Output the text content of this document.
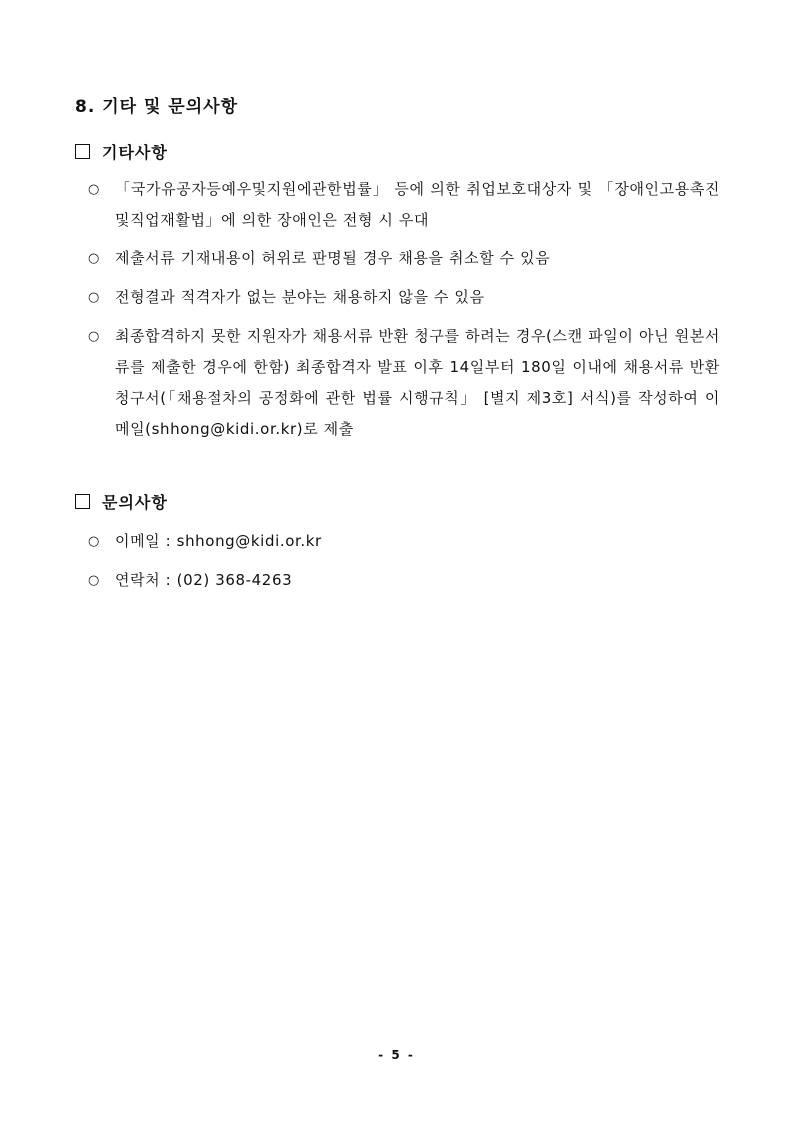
8. 기타 및 문의사항
기타사항
○	「국가유공자등예우및지원에관한법률」 등에 의한 취업보호대상자 및 「장애인고용촉진및직업재활법」에 의한 장애인은 전형 시 우대
○	제출서류 기재내용이 허위로 판명될 경우 채용을 취소할 수 있음
○	전형결과 적격자가 없는 분야는 채용하지 않을 수 있음
○	최종합격하지 못한 지원자가 채용서류 반환 청구를 하려는 경우(스캔 파일이 아닌 원본서류를 제출한 경우에 한함) 최종합격자 발표 이후 14일부터 180일 이내에 채용서류 반환청구서(「채용절차의 공정화에 관한 법률 시행규칙」 [별지 제3호] 서식)를 작성하여 이메일(shhong@kidi.or.kr)로 제출
문의사항
○	이메일 : shhong@kidi.or.kr
○	연락처 : (02) 368-4263
- 5 -
